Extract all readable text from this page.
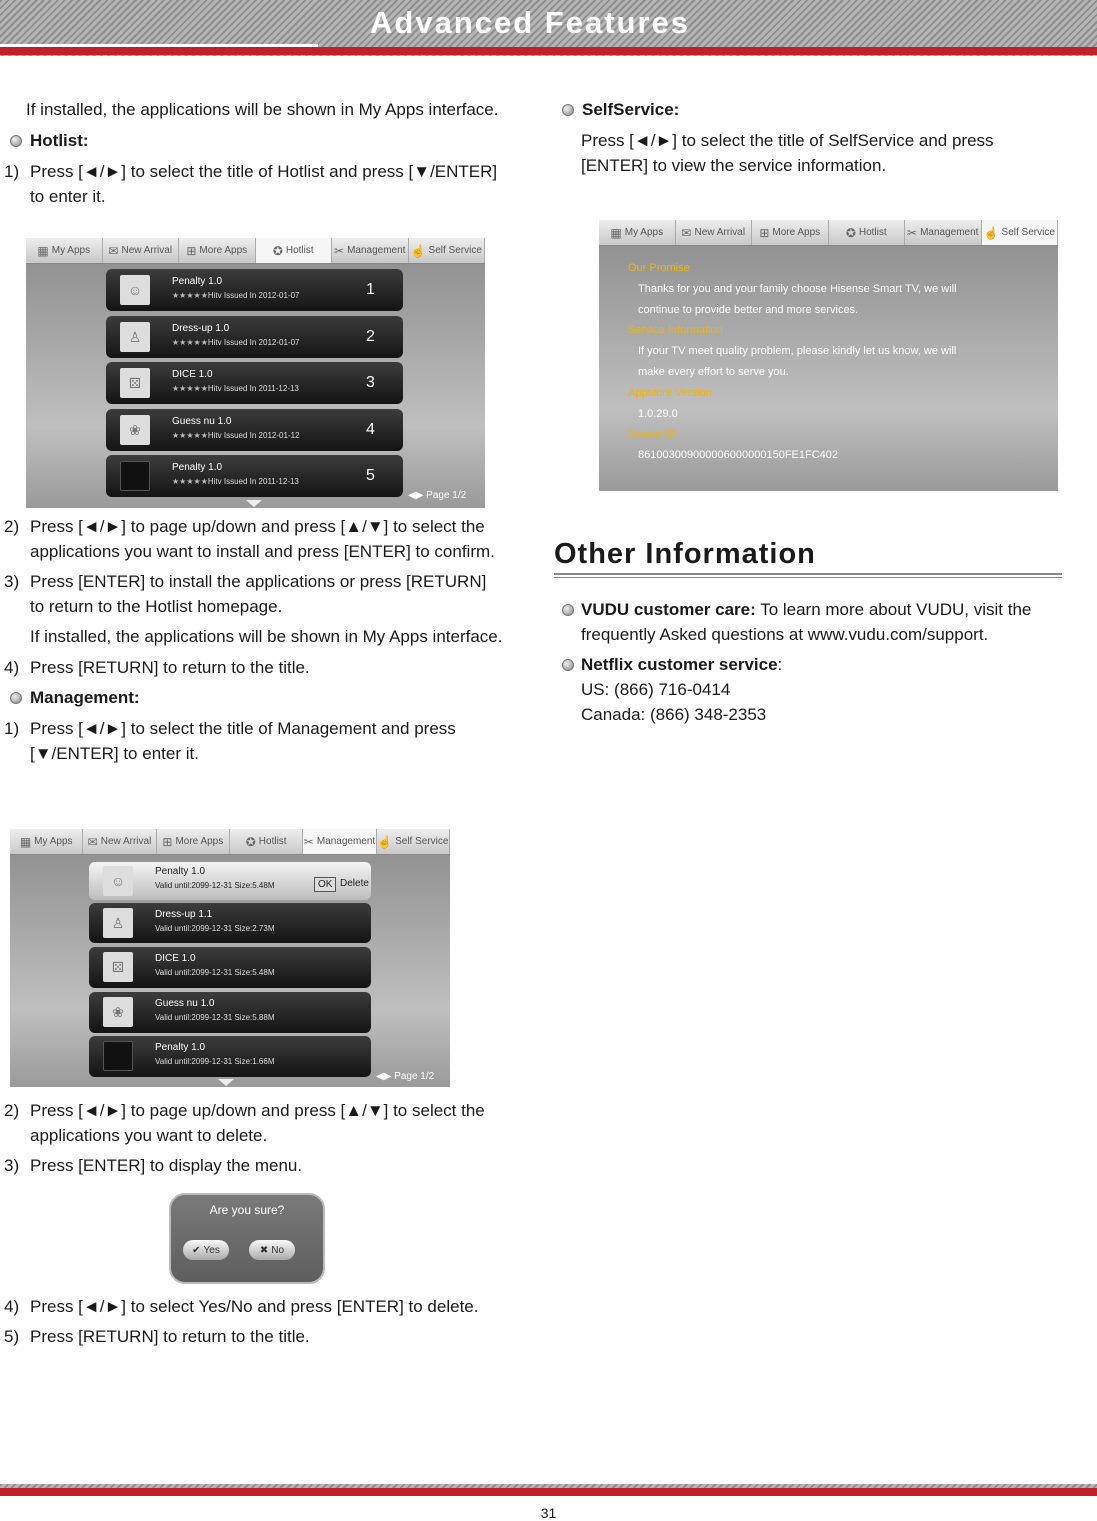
Advanced Features
If installed, the applications will be shown in My Apps interface.
Hotlist:
1) Press [◄/►] to select the title of Hotlist and press [▼/ENTER] to enter it.
▦ My Apps ✉ New Arrival ⊞ More Apps ✪ Hotlist ✂ Management ☝ Self Service
☺
Penalty 1.0
★★★★★Hitv Issued In 2012-01-07	1
♙	Dress-up 1.0
★★★★★Hitv Issued In 2012-01-07	2
⚄	DICE 1.0
★★★★★Hitv Issued In 2011-12-13	3
❀	Guess nu 1.0
★★★★★Hitv Issued In 2012-01-12	4
Penalty 1.0
★★★★★Hitv Issued In 2011-12-13	5
◀▶ Page 1/2
2) Press [◄/►] to page up/down and press [▲/▼] to select the applications you want to install and press [ENTER] to confirm.
3) Press [ENTER] to install the applications or press [RETURN] to return to the Hotlist homepage.
If installed, the applications will be shown in My Apps interface.
4) Press [RETURN] to return to the title.
Management:
1) Press [◄/►] to select the title of Management and press [▼/ENTER] to enter it.
▦ My Apps ✉ New Arrival ⊞ More Apps ✪ Hotlist ✂ Management ☝ Self Service
☺
Penalty 1.0
Valid until:2099-12-31 Size:5.48M	OK Delete
♙	Dress-up 1.1
Valid until:2099-12-31 Size:2.73M
⚄	DICE 1.0
Valid until:2099-12-31 Size:5.48M
❀	Guess nu 1.0
Valid until:2099-12-31 Size:5.88M
Penalty 1.0
Valid until:2099-12-31 Size:1.66M
◀▶ Page 1/2
2) Press [◄/►] to page up/down and press [▲/▼] to select the applications you want to delete.
3) Press [ENTER] to display the menu.
Are you sure?
✔ Yes	✖ No
4) Press [◄/►] to select Yes/No and press [ENTER] to delete.
5) Press [RETURN] to return to the title.
SelfService:
Press [◄/►] to select the title of SelfService and press [ENTER] to view the service information.
▦ My Apps ✉ New Arrival ⊞ More Apps ✪ Hotlist ✂ Management ☝ Self Service
Our Promise
Thanks for you and your family choose Hisense Smart TV, we will
continue to provide better and more services.
Service Information
If your TV meet quality problem, please kindly let us know, we will
make every effort to serve you.
Appstore Version
1.0.29.0
Device ID
861003009000006000000150FE1FC402
Other Information
VUDU customer care: To learn more about VUDU, visit the frequently Asked questions at www.vudu.com/support.
Netflix customer service:
US: (866) 716-0414
Canada: (866) 348-2353
31
